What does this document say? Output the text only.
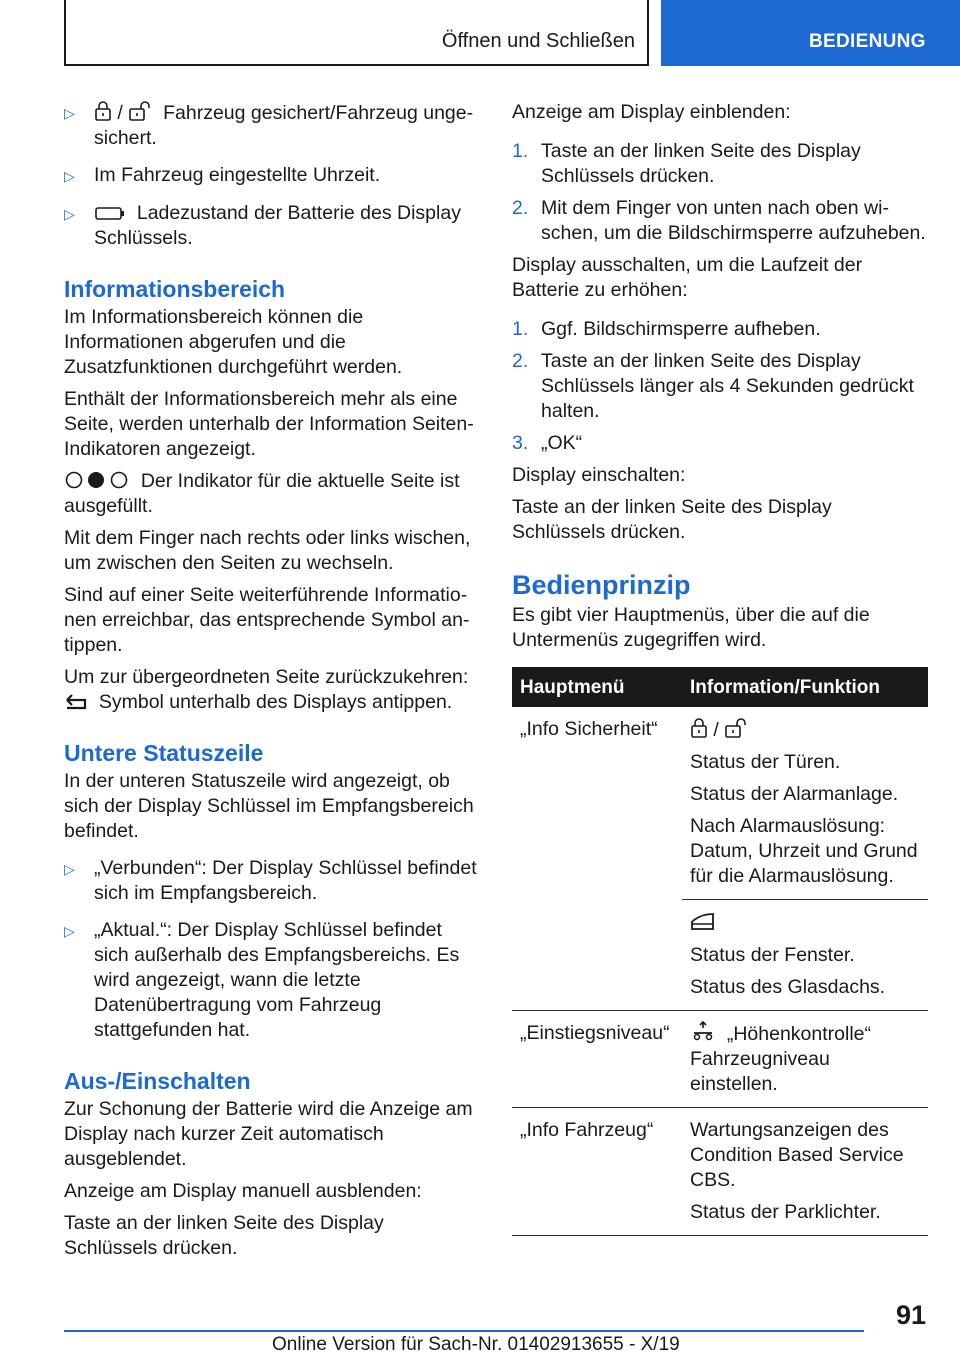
Öffnen und Schließen	BEDIENUNG
▷	/   Fahrzeug gesichert/Fahrzeug ungesichert.
▷ Im Fahrzeug eingestellte Uhrzeit.
▷	Ladezustand der Batterie des Display Schlüssels.
Informationsbereich

Im Informationsbereich können die Informationen abgerufen und die Zusatzfunktionen durchgeführt werden.

Enthält der Informationsbereich mehr als eine Seite, werden unterhalb der Information Seiten-Indikatoren angezeigt.

Der Indikator für die aktuelle Seite ist ausgefüllt.

Mit dem Finger nach rechts oder links wischen, um zwischen den Seiten zu wechseln.

Sind auf einer Seite weiterführende Informationen erreichbar, das entsprechende Symbol antippen.

Um zur übergeordneten Seite zurückzukehren:

Symbol unterhalb des Displays antippen.

Untere Statuszeile

In der unteren Statuszeile wird angezeigt, ob sich der Display Schlüssel im Empfangsbereich befindet.

▷ „Verbunden“: Der Display Schlüssel befindet sich im Empfangsbereich.
▷ „Aktual.“: Der Display Schlüssel befindet sich außerhalb des Empfangsbereichs. Es wird angezeigt, wann die letzte Datenübertragung vom Fahrzeug stattgefunden hat.
Aus-/Einschalten

Zur Schonung der Batterie wird die Anzeige am Display nach kurzer Zeit automatisch ausgeblendet.

Anzeige am Display manuell ausblenden:

Taste an der linken Seite des Display Schlüssels drücken.

Anzeige am Display einblenden:

1. Taste an der linken Seite des Display Schlüssels drücken.
2. Mit dem Finger von unten nach oben wischen, um die Bildschirmsperre aufzuheben.

Display ausschalten, um die Laufzeit der Batterie zu erhöhen:

1. Ggf. Bildschirmsperre aufheben.
2. Taste an der linken Seite des Display Schlüssels länger als 4 Sekunden gedrückt halten.
3. „OK“

Display einschalten:

Taste an der linken Seite des Display Schlüssels drücken.

Bedienprinzip

Es gibt vier Hauptmenüs, über die auf die Untermenüs zugegriffen wird.

Hauptmenü	Information/Funktion
„Info Sicherheit“	/

Status der Türen.

Status der Alarmanlage.

Nach Alarmauslösung: Datum, Uhrzeit und Grund für die Alarmauslösung.

	Status der Fenster.

Status des Glasdachs.

„Einstiegsniveau“	„Höhenkontrolle“ Fahrzeugniveau einstellen.

„Info Fahrzeug“	Wartungsanzeigen des Condition Based Service CBS.

Status der Parklichter.

91
Online Version für Sach-Nr. 01402913655 - X/19
